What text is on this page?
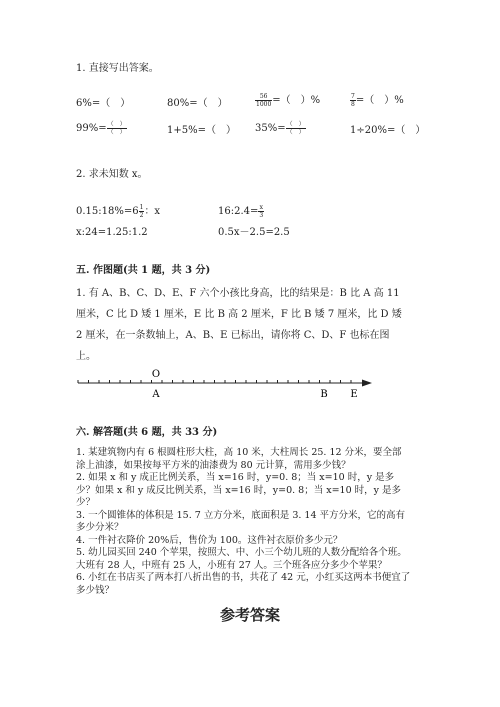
1. 直接写出答案。
6%=（　）	80%=（　）	$\frac{56}{1000}$ =（　）%	$\frac{7}{8}$ =（　）%
$99\%= \frac{( )}{( )}$	1+5%=（　） $35\%= \frac{( )}{( )}$	1÷20%=（　）
2. 求未知数 x。
0.15:18%=6 $\frac{1}{2}$ ：x	16:2.4= $\frac{x}{3}$
x:24=1.25:1.2	0.5x－2.5=2.5
五. 作图题(共 1 题，共 3 分)
1. 有 A、B、C、D、E、F 六个小孩比身高，比的结果是：B 比 A 高 11 厘米，C 比 D 矮 1 厘米，E 比 B 高 2 厘米，F 比 B 矮 7 厘米，比 D 矮 2 厘米，在一条数轴上，A、B、E 已标出，请你将 C、D、F 也标在图上。
O
A	B E
六. 解答题(共 6 题，共 33 分)
1. 某建筑物内有 6 根圆柱形大柱，高 10 米，大柱周长 25. 12 分米，要全部涂上油漆，如果按每平方米的油漆费为 80 元计算，需用多少钱？
2. 如果 x 和 y 成正比例关系，当 x=16 时，y=0. 8；当 x=10 时，y 是多少？如果 x 和 y 成反比例关系，当 x=16 时，y=0. 8；当 x=10 时，y 是多少？
3. 一个圆锥体的体积是 15. 7 立方分米，底面积是 3. 14 平方分米，它的高有多少分米？
4. 一件衬衣降价 20%后，售价为 100。这件衬衣原价多少元？
5. 幼儿园买回 240 个苹果，按照大、中、小三个幼儿班的人数分配给各个班。大班有 28 人，中班有 25 人，小班有 27 人。三个班各应分多少个苹果？
6. 小红在书店买了两本打八折出售的书，共花了 42 元，小红买这两本书便宜了多少钱？
参考答案
